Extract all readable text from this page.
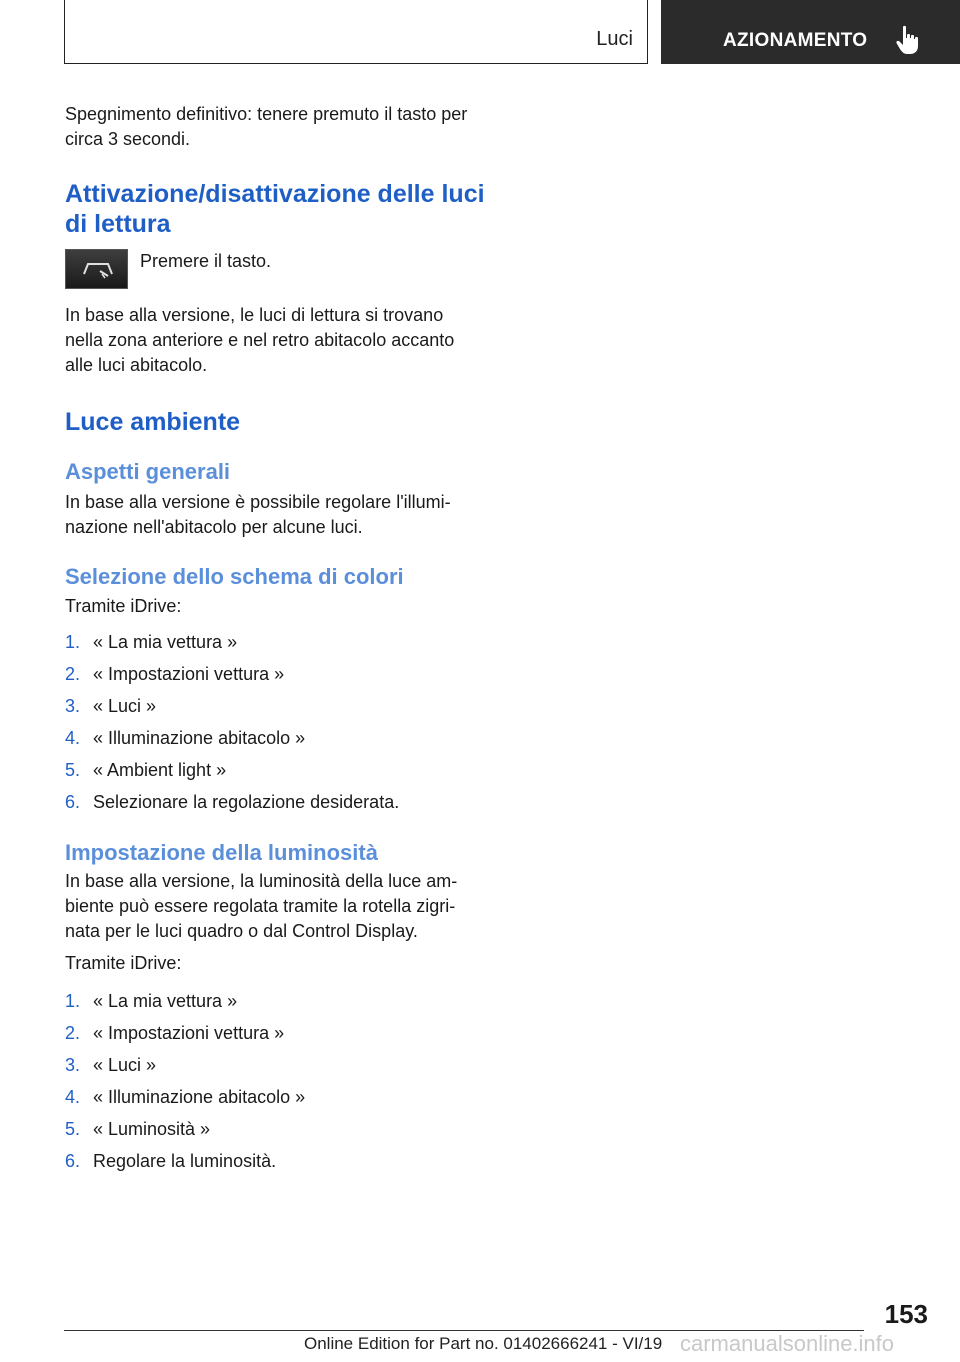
Luci	AZIONAMENTO

Spegnimento definitivo: tenere premuto il tasto per circa 3 secondi.

Attivazione/disattivazione delle luci di lettura
Premere il tasto.

In base alla versione, le luci di lettura si trovano nella zona anteriore e nel retro abitacolo accanto alle luci abitacolo.

Luce ambiente
Aspetti generali

In base alla versione è possibile regolare l'illumi- nazione nell'abitacolo per alcune luci.

Selezione dello schema di colori

Tramite iDrive:

1. « La mia vettura »
2. « Impostazioni vettura »
3. « Luci »
4. « Illuminazione abitacolo »
5. « Ambient light »
6. Selezionare la regolazione desiderata.
Impostazione della luminosità

In base alla versione, la luminosità della luce am- biente può essere regolata tramite la rotella zigri- nata per le luci quadro o dal Control Display.

Tramite iDrive:

1. « La mia vettura »
2. « Impostazioni vettura »
3. « Luci »
4. « Illuminazione abitacolo »
5. « Luminosità »
6. Regolare la luminosità.
153
Online Edition for Part no. 01402666241 - VI/19 carmanualsonline.info
